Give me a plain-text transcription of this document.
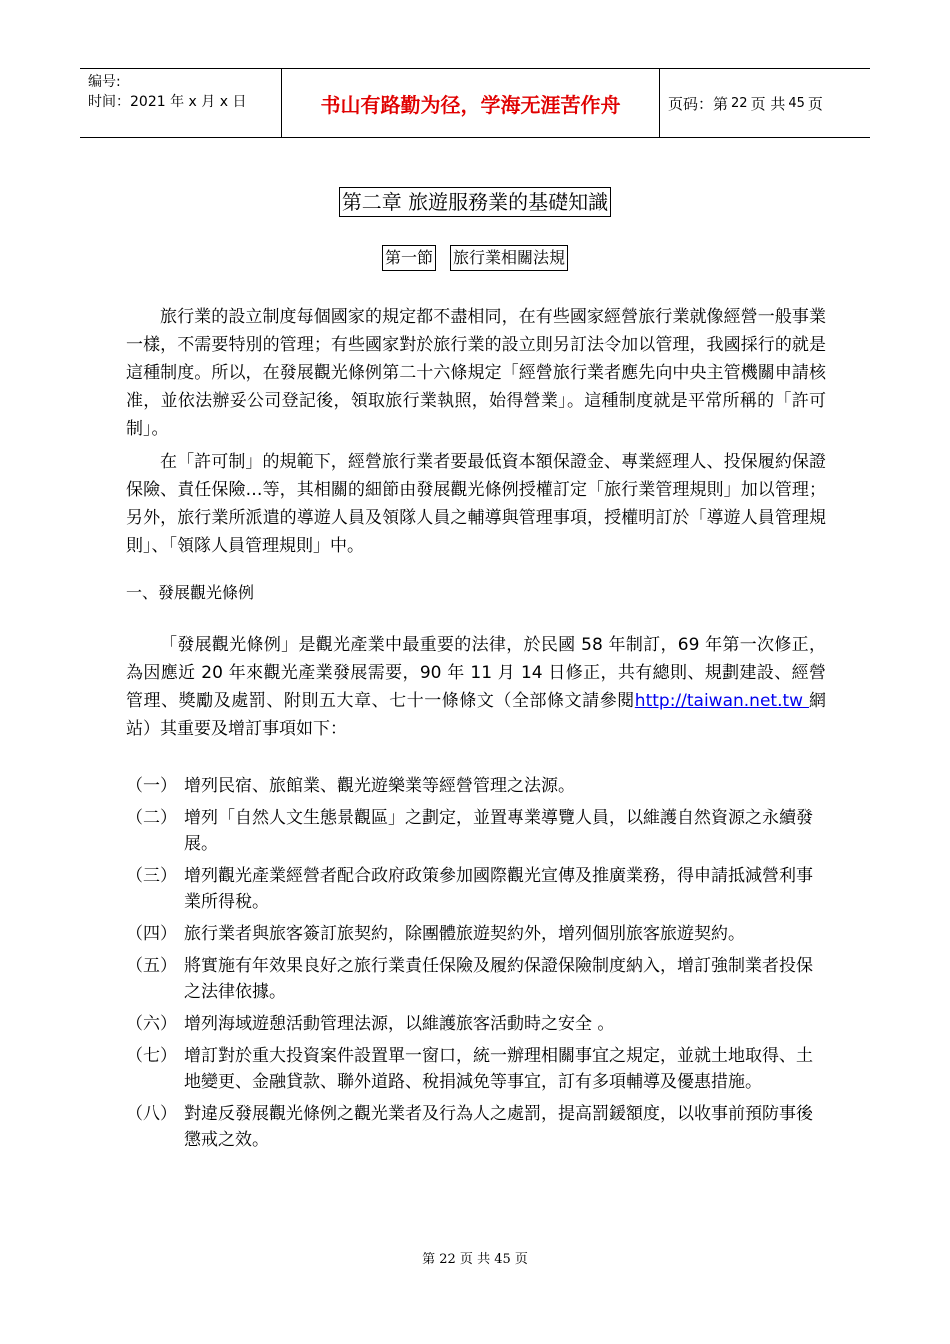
编号:
时间：2021 年 x 月 x 日	书山有路勤为径，学海无涯苦作舟	页码：第 22 页 共 45 页
第二章 旅遊服務業的基礎知識
第一節 旅行業相關法規

旅行業的設立制度每個國家的規定都不盡相同，在有些國家經營旅行業就像經營一般事業一樣，不需要特別的管理；有些國家對於旅行業的設立則另訂法令加以管理，我國採行的就是這種制度。所以，在發展觀光條例第二十六條規定「經營旅行業者應先向中央主管機關申請核准，並依法辦妥公司登記後，領取旅行業執照，始得營業」。這種制度就是平常所稱的「許可制」。

在「許可制」的規範下，經營旅行業者要最低資本額保證金、專業經理人、投保履約保證保險、責任保險…等，其相關的細節由發展觀光條例授權訂定「旅行業管理規則」加以管理；另外，旅行業所派遣的導遊人員及領隊人員之輔導與管理事項，授權明訂於「導遊人員管理規則」、「領隊人員管理規則」中。

一、發展觀光條例

「發展觀光條例」是觀光產業中最重要的法律，於民國 58 年制訂，69 年第一次修正，為因應近 20 年來觀光產業發展需要，90 年 11 月 14 日修正，共有總則、規劃建設、經營管理、獎勵及處罰、附則五大章、七十一條條文（全部條文請參閱http://taiwan.net.tw 網站）其重要及增訂事項如下：

（一） 增列民宿、旅館業、觀光遊樂業等經營管理之法源。
（二） 增列「自然人文生態景觀區」之劃定，並置專業導覽人員，以維護自然資源之永續發展。
（三） 增列觀光產業經營者配合政府政策參加國際觀光宣傳及推廣業務，得申請抵減營利事業所得稅。
（四） 旅行業者與旅客簽訂旅契約，除團體旅遊契約外，增列個別旅客旅遊契約。
（五） 將實施有年效果良好之旅行業責任保險及履約保證保險制度納入，增訂強制業者投保之法律依據。
（六） 增列海域遊憩活動管理法源，以維護旅客活動時之安全 。
（七） 增訂對於重大投資案件設置單一窗口，統一辦理相關事宜之規定，並就土地取得、土地變更、金融貸款、聯外道路、稅捐減免等事宜，訂有多項輔導及優惠措施。
（八） 對違反發展觀光條例之觀光業者及行為人之處罰，提高罰鍰額度，以收事前預防事後懲戒之效。
第 22 页 共 45 页
